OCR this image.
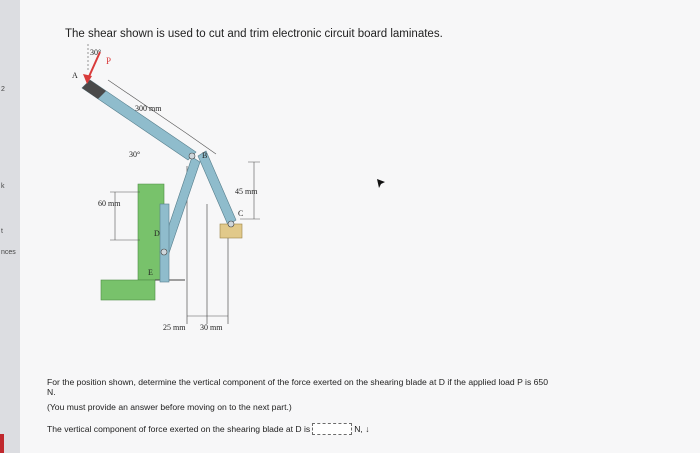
2
k
t
nces
The shear shown is used to cut and trim electronic circuit board laminates.
30°
P
A
300 mm
30°	B
45 mm
C
60 mm
D
E
25 mm 30 mm
For the position shown, determine the vertical component of the force exerted on the shearing blade at D if the applied load P is 650
N.
(You must provide an answer before moving on to the next part.)
The vertical component of force exerted on the shearing blade at D is	N, ↓
